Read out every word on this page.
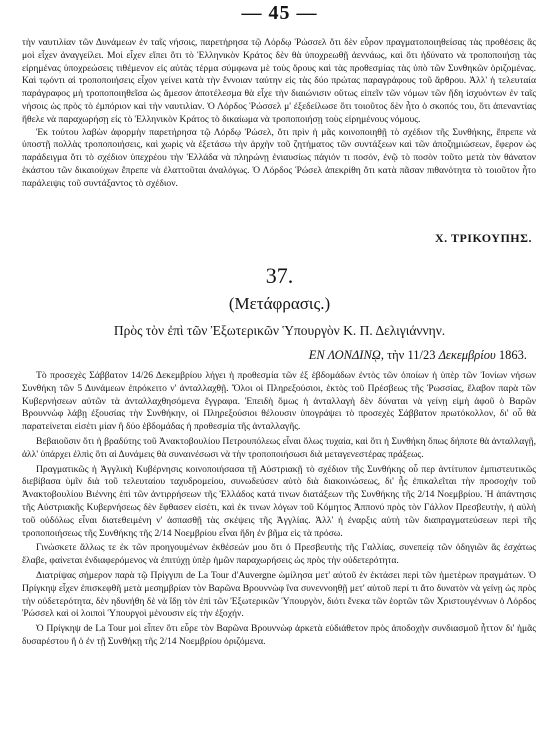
— 45 —

τὴν ναυτιλίαν τῶν Δυνάμεων ἐν ταῖς νήσοις, παρετήρησα τῷ Λόρδῳ Ῥώσσελ ὅτι δὲν εὗρον πραγματοποιηθείσας τὰς προθέσεις ἃς μοὶ εἶχεν ἀναγγείλει. Μοὶ εἶχεν εἴπει ὅτι τὸ Ἑλληνικὸν Κράτος δὲν θὰ ὑποχρεωθῇ ἀεννάως, καὶ ὅτι ἠδύνατο νὰ τροποποιήσῃ τὰς εἰρημένας ὑποχρεώσεις τιθέμενον εἰς αὐτὰς τέρμα σύμφωνα μὲ τοὺς ὅρους καὶ τὰς προθεσμίας τὰς ὑπὸ τῶν Συνθηκῶν ὁριζομένας. Καὶ τῳόντι αἱ τροποποιήσεις εἶχον γείνει κατὰ τὴν ἔννοιαν ταύτην εἰς τὰς δύο πρώτας παραγράφους τοῦ ἄρθρου. Ἀλλ' ἡ τελευταία παράγραφος μὴ τροποποιηθεῖσα ὡς ἄμεσον ἀποτέλεσμα θὰ εἶχε τὴν διαιώνισιν οὕτως εἰπεῖν τῶν νόμων τῶν ἤδη ἰσχυόντων ἐν ταῖς νήσοις ὡς πρὸς τὸ ἐμπόριον καὶ τὴν ναυτιλίαν. Ὁ Λόρδος Ῥώσσελ μ' ἐξεδείλωσε ὅτι τοιοῦτος δὲν ἦτο ὁ σκοπός του, ὅτι ἀπεναντίας ἤθελε νὰ παραχωρήσῃ εἰς τὸ Ἑλληνικὸν Κράτος τὸ δικαίωμα νὰ τροποποιήσῃ τοὺς εἰρημένους νόμους.

Ἐκ τούτου λαβὼν ἀφορμὴν παρετήρησα τῷ Λόρδῳ Ῥώσελ, ὅτι πρὶν ἡ μᾶς κοινοποιηθῇ τὸ σχέδιον τῆς Συνθήκης, ἔπρεπε νὰ ὑποστῇ πολλὰς τροποποιήσεις, καὶ χωρὶς νὰ ἐξετάσω τὴν ἀρχὴν τοῦ ζητήματος τῶν συντάξεων καὶ τῶν ἀποζημιώσεων, ἔφερον ὡς παράδειγμα ὅτι τὸ σχέδιον ὑπεχρέου τὴν Ἑλλάδα νὰ πληρώνῃ ἐνιαυσίως πάγιόν τι ποσόν, ἐνῷ τὸ ποσὸν τοῦτο μετὰ τὸν θάνατον ἑκάστου τῶν δικαιούχων ἔπρεπε νὰ ἐλαττοῦται ἀναλόγως. Ὁ Λόρδος Ῥώσελ ἀπεκρίθη ὅτι κατὰ πᾶσαν πιθανότητα τὸ τοιοῦτον ἦτο παράλειψις τοῦ συντάξαντος τὸ σχέδιον.

Χ. ΤΡΙΚΟΥΠΗΣ.
37.
(Μετάφρασις.)
Πρὸς τὸν ἐπὶ τῶν Ἐξωτερικῶν Ὑπουργὸν Κ. Π. Δελιγιάννην.
ΕΝ ΛΟΝΔΙΝῼ, τὴν 11/23 Δεκεμβρίου 1863.

Τὸ προσεχὲς Σάββατον 14/26 Δεκεμβρίου λήγει ἡ προθεσμία τῶν ἐξ ἑβδομάδων ἐντὸς τῶν ὁποίων ἡ ὑπὲρ τῶν Ἰονίων νήσων Συνθήκη τῶν 5 Δυνάμεων ἐπρόκειτο ν' ἀνταλλαχθῇ. Ὅλοι οἱ Πληρεξούσιοι, ἐκτὸς τοῦ Πρέσβεως τῆς Ῥωσσίας, ἔλαβον παρὰ τῶν Κυβερνήσεων αὐτῶν τὰ ἀνταλλαχθησόμενα ἔγγραφα. Ἐπειδὴ ὅμως ἡ ἀνταλλαγὴ δὲν δύναται νὰ γείνῃ εἰμὴ ἀφοῦ ὁ Βαρῶν Βρουννὼφ λάβῃ ἐξουσίας τὴν Συνθήκην, οἱ Πληρεξούσιοι θέλουσιν ὑπογράψει τὸ προσεχὲς Σάββατον πρωτόκολλον, δι' οὗ θὰ παρατείνεται εἰσέτι μίαν ἢ δύο ἑβδομάδας ἡ προθεσμία τῆς ἀνταλλαγῆς.

Βεβαιοῦσιν ὅτι ἡ βραδύτης τοῦ Ἀνακτοβουλίου Πετρουπόλεως εἶναι ὅλως τυχαία, καὶ ὅτι ἡ Συνθήκη ὅπως δήποτε θὰ ἀνταλλαγῇ, ἀλλ' ὑπάρχει ἐλπὶς ὅτι αἱ Δυνάμεις θὰ συναινέσωσι νὰ τὴν τροποποιήσωσι διὰ μεταγενεστέρας πράξεως.

Πραγματικῶς ἡ Ἀγγλικὴ Κυβέρνησις κοινοποιήσασα τῇ Αὐστριακῇ τὸ σχέδιον τῆς Συνθήκης οὗ περ ἀντίτυπον ἐμπιστευτικῶς διεβίβασα ὑμῖν διὰ τοῦ τελευταίου ταχυδρομείου, συνωδεύσεν αὐτὸ διὰ διακοινώσεως, δι' ἧς ἐπικαλεῖται τὴν προσοχὴν τοῦ Ἀνακτοβουλίου Βιέννης ἐπὶ τῶν ἀντιρρήσεων τῆς Ἑλλάδος κατά τινων διατάξεων τῆς Συνθήκης τῆς 2/14 Νοεμβρίου. Ἡ ἀπάντησις τῆς Αὐστριακῆς Κυβερνήσεως δὲν ἔφθασεν εἰσέτι, καὶ ἐκ τινων λόγων τοῦ Κόμητος Ἀππονύ πρὸς τὸν Γάλλον Πρεσβευτὴν, ἡ αὐλὴ τοῦ οὐδόλως εἶναι διατεθειμένη ν' ἀσπασθῇ τὰς σκέψεις τῆς Ἀγγλίας. Ἀλλ' ἡ ἐναρξις αὐτὴ τῶν διαπραγματεύσεων περὶ τῆς τροποποιήσεως τῆς Συνθήκης τῆς 2/14 Νοεμβρίου εἶναι ἤδη ἐν βῆμα εἰς τὰ πρόσω.

Γινώσκετε ἄλλως τε ἐκ τῶν προηγουμένων ἐκθέσεών μου ὅτι ὁ Πρεσβευτὴς τῆς Γαλλίας, συνεπείᾳ τῶν ὁδηγιῶν ἃς ἐσχάτως ἔλαβε, φαίνεται ἐνδιαφερόμενος νὰ ἐπιτύχῃ ὑπὲρ ἡμῶν παραχωρήσεις ὡς πρὸς τὴν οὐδετερότητα.

Διατρίψας σήμερον παρὰ τῷ Πρίγγιπι de La Tour d'Auvergne ὡμίλησα μετ' αὐτοῦ ἐν ἐκτάσει περὶ τῶν ἡμετέρων πραγμάτων. Ὁ Πρίγκηψ εἶχεν ἐπισκεφθῆ μετὰ μεσημβρίαν τὸν Βαρῶνα Βρουννὼφ ἵνα συνεννοηθῇ μετ' αὐτοῦ περί τι ἄτο δυνατὸν νὰ γείνῃ ὡς πρὸς τὴν οὐδετερότητα, δὲν ηδυνήθη δὲ νὰ ἴδῃ τὸν ἐπὶ τῶν Ἐξωτερικῶν Ὑπουργὸν, διότι ἕνεκα τῶν ἑορτῶν τῶν Χριστουγέννων ὁ Λόρδος Ῥώσσελ καὶ οἱ λοιποὶ Ὑπουργοὶ μένουσιν εἰς τὴν ἐξοχήν.

Ὁ Πρίγκηψ de La Tour μοὶ εἶπεν ὅτι εὗρε τὸν Βαρῶνα Βρουννὼφ ἀρκετὰ εὐδιάθετον πρὸς ἀποδοχὴν συνδιασμοῦ ἧττον δι' ἡμᾶς δυσαρέστου ἢ ὁ ἐν τῇ Συνθήκῃ τῆς 2/14 Νοεμβρίου ὁριζόμενα.
